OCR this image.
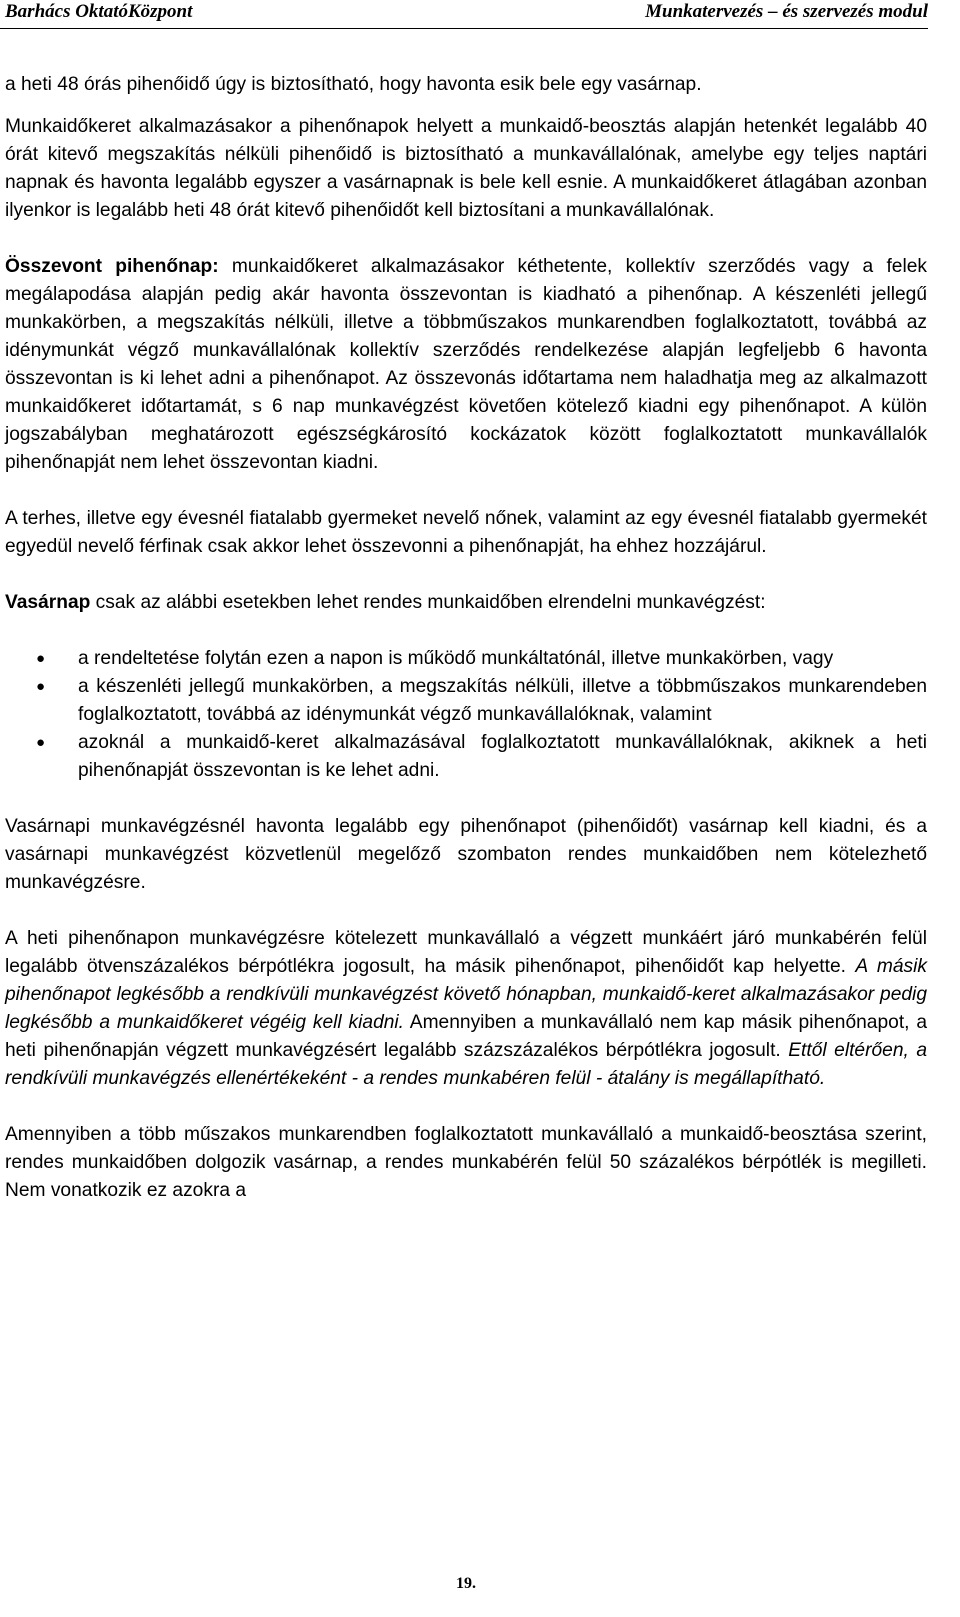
Barhács OktatóKözpont	Munkatervezés – és szervezés modul

a heti 48 órás pihenőidő úgy is biztosítható, hogy havonta esik bele egy vasárnap.

Munkaidőkeret alkalmazásakor a pihenőnapok helyett a munkaidő-beosztás alapján hetenkét legalább 40 órát kitevő megszakítás nélküli pihenőidő is biztosítható a munkavállalónak, amelybe egy teljes naptári napnak és havonta legalább egyszer a vasárnapnak is bele kell esnie. A munkaidőkeret átlagában azonban ilyenkor is legalább heti 48 órát kitevő pihenőidőt kell biztosítani a munkavállalónak.

Összevont pihenőnap: munkaidőkeret alkalmazásakor kéthetente, kollektív szerződés vagy a felek megálapodása alapján pedig akár havonta összevontan is kiadható a pihenőnap. A készenléti jellegű munkakörben, a megszakítás nélküli, illetve a többműszakos munkarendben foglalkoztatott, továbbá az idénymunkát végző munkavállalónak kollektív szerződés rendelkezése alapján legfeljebb 6 havonta összevontan is ki lehet adni a pihenőnapot. Az összevonás időtartama nem haladhatja meg az alkalmazott munkaidőkeret időtartamát, s 6 nap munkavégzést követően kötelező kiadni egy pihenőnapot. A külön jogszabályban meghatározott egészségkárosító kockázatok között foglalkoztatott munkavállalók pihenőnapját nem lehet összevontan kiadni.

A terhes, illetve egy évesnél fiatalabb gyermeket nevelő nőnek, valamint az egy évesnél fiatalabb gyermekét egyedül nevelő férfinak csak akkor lehet összevonni a pihenőnapját, ha ehhez hozzájárul.

Vasárnap csak az alábbi esetekben lehet rendes munkaidőben elrendelni munkavégzést:

● a rendeltetése folytán ezen a napon is működő munkáltatónál, illetve munkakörben, vagy
● a készenléti jellegű munkakörben, a megszakítás nélküli, illetve a többműszakos munkarendeben foglalkoztatott, továbbá az idénymunkát végző munkavállalóknak, valamint
● azoknál a munkaidő-keret alkalmazásával foglalkoztatott munkavállalóknak, akiknek a heti pihenőnapját összevontan is ke lehet adni.

Vasárnapi munkavégzésnél havonta legalább egy pihenőnapot (pihenőidőt) vasárnap kell kiadni, és a vasárnapi munkavégzést közvetlenül megelőző szombaton rendes munkaidőben nem kötelezhető munkavégzésre.

A heti pihenőnapon munkavégzésre kötelezett munkavállaló a végzett munkáért járó munkabérén felül legalább ötvenszázalékos bérpótlékra jogosult, ha másik pihenőnapot, pihenőidőt kap helyette. A másik pihenőnapot legkésőbb a rendkívüli munkavégzést követő hónapban, munkaidő-keret alkalmazásakor pedig legkésőbb a munkaidőkeret végéig kell kiadni. Amennyiben a munkavállaló nem kap másik pihenőnapot, a heti pihenőnapján végzett munkavégzésért legalább százszázalékos bérpótlékra jogosult. Ettől eltérően, a rendkívüli munkavégzés ellenértékeként - a rendes munkabéren felül - átalány is megállapítható.

Amennyiben a több műszakos munkarendben foglalkoztatott munkavállaló a munkaidő-beosztása szerint, rendes munkaidőben dolgozik vasárnap, a rendes munkabérén felül 50 százalékos bérpótlék is megilleti. Nem vonatkozik ez azokra a

19.
